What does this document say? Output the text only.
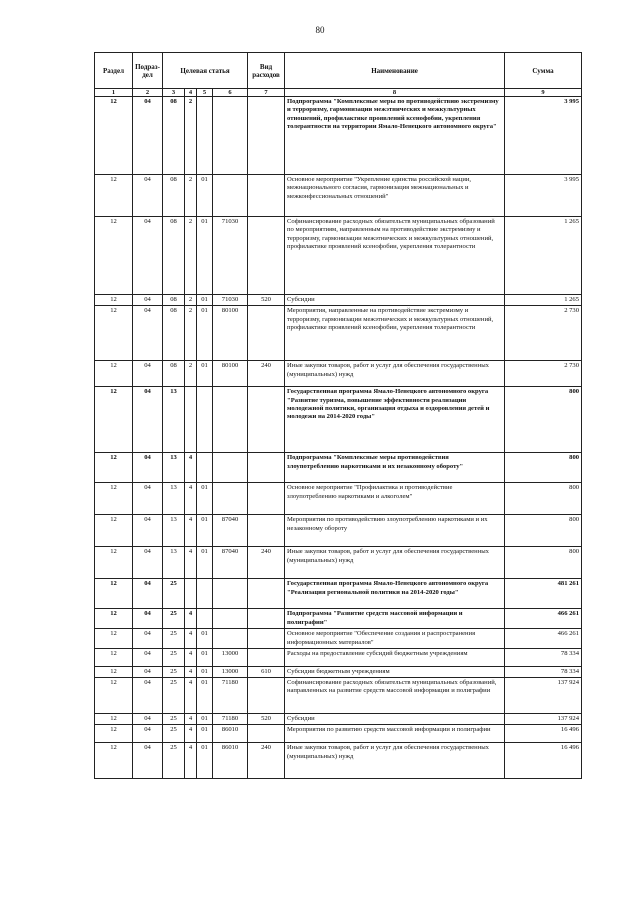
80
Раздел	Подраз-дел	Целевая статья				Вид расходов	Наименование	Сумма
1	2	3	4	5	6	7	8	9
12	04	08	2				Подпрограмма "Комплексные меры по противодействию экстремизму и терроризму, гармонизации межэтнических и межкультурных отношений, профилактике проявлений ксенофобии, укрепления толерантности на территории Ямало-Ненецкого автономного округа"	3 995
12	04	08	2	01			Основное мероприятие "Укрепление единства российской нации, межнационального согласия, гармонизация межнациональных и межконфессиональных отношений"	3 995
12	04	08	2	01	71030		Софинансирование расходных обязательств муниципальных образований по мероприятиям, направленным на противодействие экстремизму и терроризму, гармонизации межэтнических и межкультурных отношений, профилактике проявлений ксенофобии, укрепления толерантности	1 265
12	04	08	2	01	71030	520	Субсидии	1 265
12	04	08	2	01	80100		Мероприятия, направленные на противодействие экстремизму и терроризму, гармонизации межэтнических и межкультурных отношений, профилактике проявлений ксенофобии, укрепления толерантности	2 730
12	04	08	2	01	80100	240	Иные закупки товаров, работ и услуг для обеспечения государственных (муниципальных) нужд	2 730
12	04	13					Государственная программа Ямало-Ненецкого автономного округа "Развитие туризма, повышение эффективности реализации молодежной политики, организация отдыха и оздоровления детей и молодежи на 2014-2020 годы"	800
12	04	13	4				Подпрограмма "Комплексные меры противодействия злоупотреблению наркотиками и их незаконному обороту"	800
12	04	13	4	01			Основное мероприятие "Профилактика и противодействие злоупотреблению наркотиками и алкоголем"	800
12	04	13	4	01	87040		Мероприятия по противодействию злоупотреблению наркотиками и их незаконному обороту	800
12	04	13	4	01	87040	240	Иные закупки товаров, работ и услуг для обеспечения государственных (муниципальных) нужд	800
12	04	25					Государственная программа Ямало-Ненецкого автономного округа "Реализация региональной политики на 2014-2020 годы"	481 261
12	04	25	4				Подпрограмма "Развитие средств массовой информации и полиграфии"	466 261
12	04	25	4	01			Основное мероприятие "Обеспечение создания и распространения информационных материалов"	466 261
12	04	25	4	01	13000		Расходы на предоставление субсидий бюджетным учреждениям	78 334
12	04	25	4	01	13000	610	Субсидии бюджетным учреждениям	78 334
12	04	25	4	01	71180		Софинансирование расходных обязательств муниципальных образований, направленных на развитие средств массовой информации и полиграфии	137 924
12	04	25	4	01	71180	520	Субсидии	137 924
12	04	25	4	01	86010		Мероприятия по развитию средств массовой информации и полиграфии	16 496
12	04	25	4	01	86010	240	Иные закупки товаров, работ и услуг для обеспечения государственных (муниципальных) нужд	16 496
